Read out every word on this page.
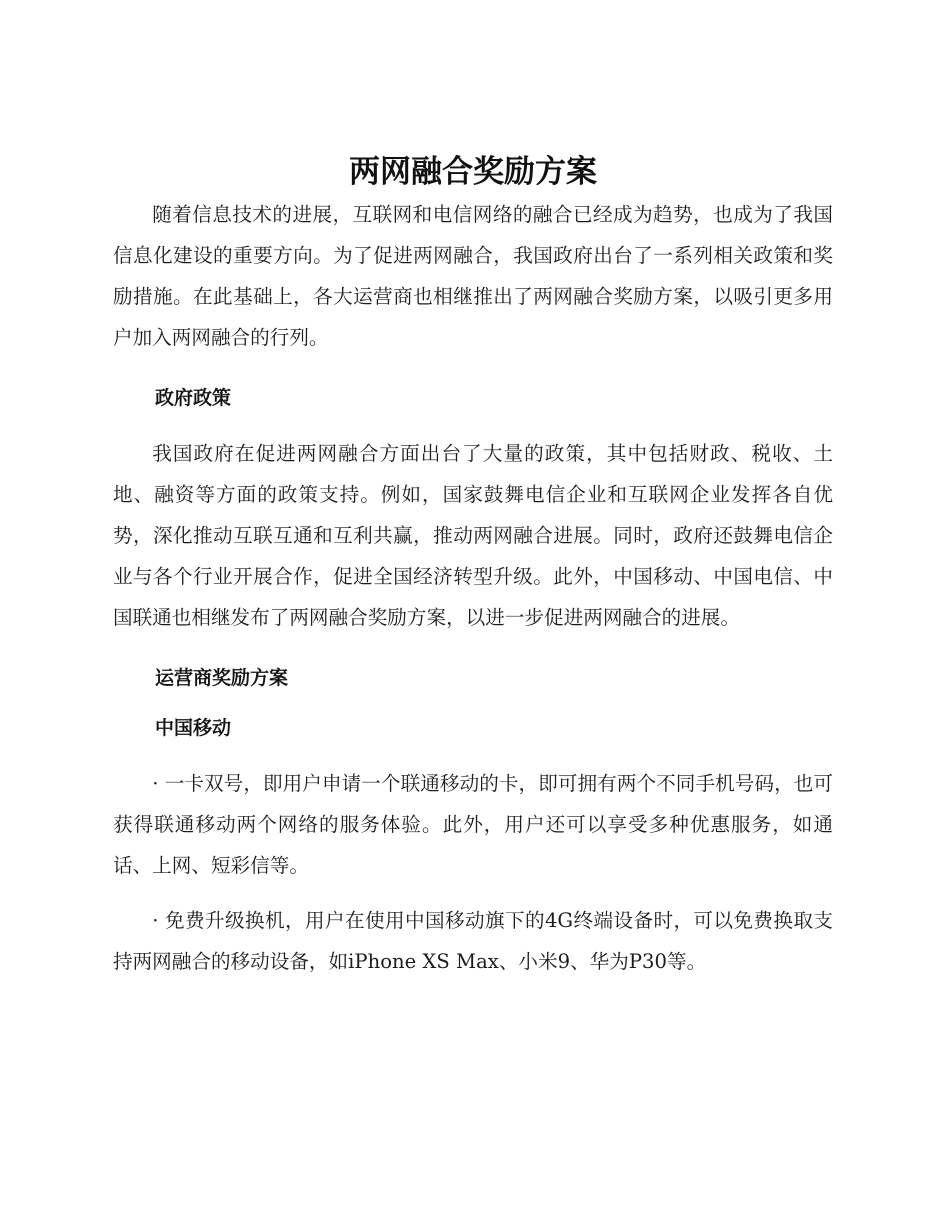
两网融合奖励方案

随着信息技术的进展，互联网和电信网络的融合已经成为趋势，也成为了我国信息化建设的重要方向。为了促进两网融合，我国政府出台了一系列相关政策和奖励措施。在此基础上，各大运营商也相继推出了两网融合奖励方案，以吸引更多用户加入两网融合的行列。

政府政策

我国政府在促进两网融合方面出台了大量的政策，其中包括财政、税收、土地、融资等方面的政策支持。例如，国家鼓舞电信企业和互联网企业发挥各自优势，深化推动互联互通和互利共赢，推动两网融合进展。同时，政府还鼓舞电信企业与各个行业开展合作，促进全国经济转型升级。此外，中国移动、中国电信、中国联通也相继发布了两网融合奖励方案，以进一步促进两网融合的进展。

运营商奖励方案
中国移动

· 一卡双号，即用户申请一个联通移动的卡，即可拥有两个不同手机号码，也可获得联通移动两个网络的服务体验。此外，用户还可以享受多种优惠服务，如通话、上网、短彩信等。

· 免费升级换机，用户在使用中国移动旗下的4G终端设备时，可以免费换取支持两网融合的移动设备，如iPhone XS Max、小米9、华为P30等。
